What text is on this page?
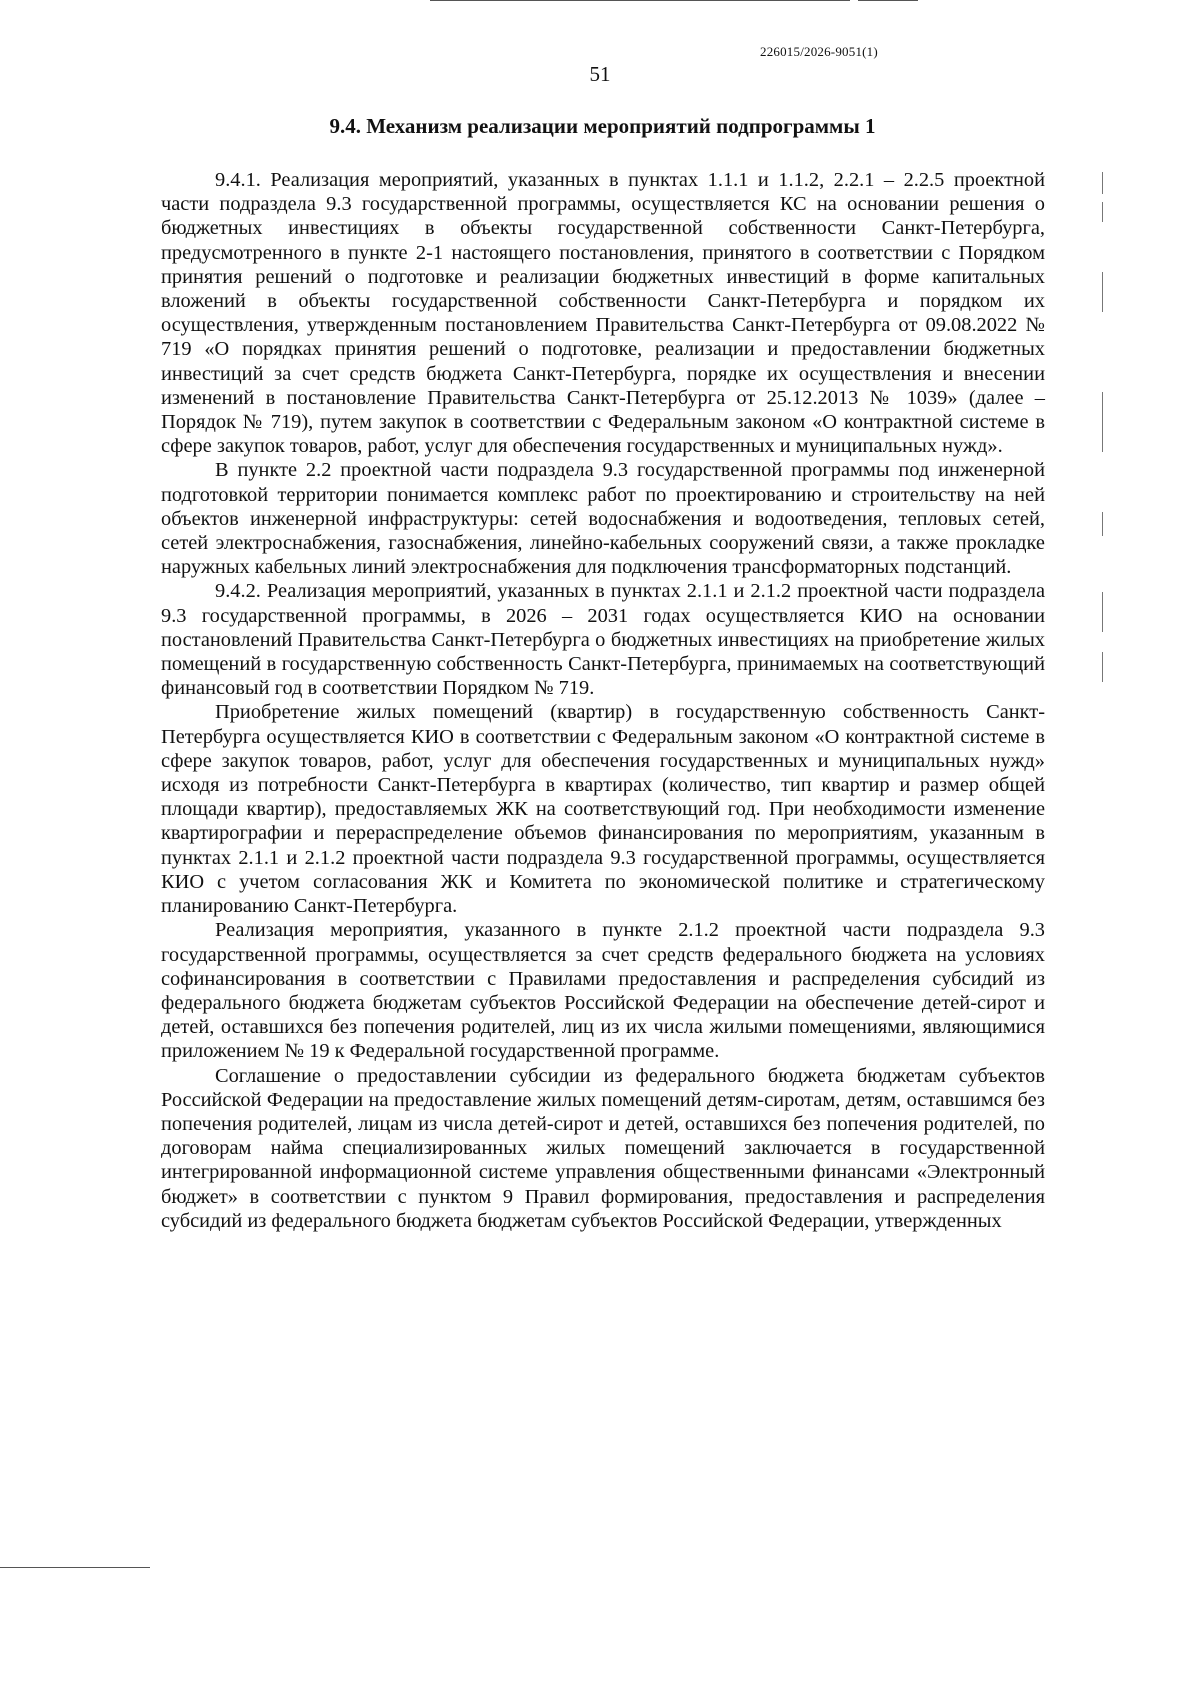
226015/2026-9051(1)
51
9.4. Механизм реализации мероприятий подпрограммы 1

9.4.1. Реализация мероприятий, указанных в пунктах 1.1.1 и 1.1.2, 2.2.1 – 2.2.5 проектной части подраздела 9.3 государственной программы, осуществляется КС на основании решения о бюджетных инвестициях в объекты государственной собственности Санкт-Петербурга, предусмотренного в пункте 2-1 настоящего постановления, принятого в соответствии с Порядком принятия решений о подготовке и реализации бюджетных инвестиций в форме капитальных вложений в объекты государственной собственности Санкт-Петербурга и порядком их осуществления, утвержденным постановлением Правительства Санкт-Петербурга от 09.08.2022 № 719 «О порядках принятия решений о подготовке, реализации и предоставлении бюджетных инвестиций за счет средств бюджета Санкт-Петербурга, порядке их осуществления и внесении изменений в постановление Правительства Санкт-Петербурга от 25.12.2013 № 1039» (далее – Порядок № 719), путем закупок в соответствии с Федеральным законом «О контрактной системе в сфере закупок товаров, работ, услуг для обеспечения государственных и муниципальных нужд».

В пункте 2.2 проектной части подраздела 9.3 государственной программы под инженерной подготовкой территории понимается комплекс работ по проектированию и строительству на ней объектов инженерной инфраструктуры: сетей водоснабжения и водоотведения, тепловых сетей, сетей электроснабжения, газоснабжения, линейно-кабельных сооружений связи, а также прокладке наружных кабельных линий электроснабжения для подключения трансформаторных подстанций.

9.4.2. Реализация мероприятий, указанных в пунктах 2.1.1 и 2.1.2 проектной части подраздела 9.3 государственной программы, в 2026 – 2031 годах осуществляется КИО на основании постановлений Правительства Санкт-Петербурга о бюджетных инвестициях на приобретение жилых помещений в государственную собственность Санкт-Петербурга, принимаемых на соответствующий финансовый год в соответствии Порядком № 719.

Приобретение жилых помещений (квартир) в государственную собственность Санкт-Петербурга осуществляется КИО в соответствии с Федеральным законом «О контрактной системе в сфере закупок товаров, работ, услуг для обеспечения государственных и муниципальных нужд» исходя из потребности Санкт-Петербурга в квартирах (количество, тип квартир и размер общей площади квартир), предоставляемых ЖК на соответствующий год. При необходимости изменение квартирографии и перераспределение объемов финансирования по мероприятиям, указанным в пунктах 2.1.1 и 2.1.2 проектной части подраздела 9.3 государственной программы, осуществляется КИО с учетом согласования ЖК и Комитета по экономической политике и стратегическому планированию Санкт-Петербурга.

Реализация мероприятия, указанного в пункте 2.1.2 проектной части подраздела 9.3 государственной программы, осуществляется за счет средств федерального бюджета на условиях софинансирования в соответствии с Правилами предоставления и распределения субсидий из федерального бюджета бюджетам субъектов Российской Федерации на обеспечение детей-сирот и детей, оставшихся без попечения родителей, лиц из их числа жилыми помещениями, являющимися приложением № 19 к Федеральной государственной программе.

Соглашение о предоставлении субсидии из федерального бюджета бюджетам субъектов Российской Федерации на предоставление жилых помещений детям-сиротам, детям, оставшимся без попечения родителей, лицам из числа детей-сирот и детей, оставшихся без попечения родителей, по договорам найма специализированных жилых помещений заключается в государственной интегрированной информационной системе управления общественными финансами «Электронный бюджет» в соответствии с пунктом 9 Правил формирования, предоставления и распределения субсидий из федерального бюджета бюджетам субъектов Российской Федерации, утвержденных
